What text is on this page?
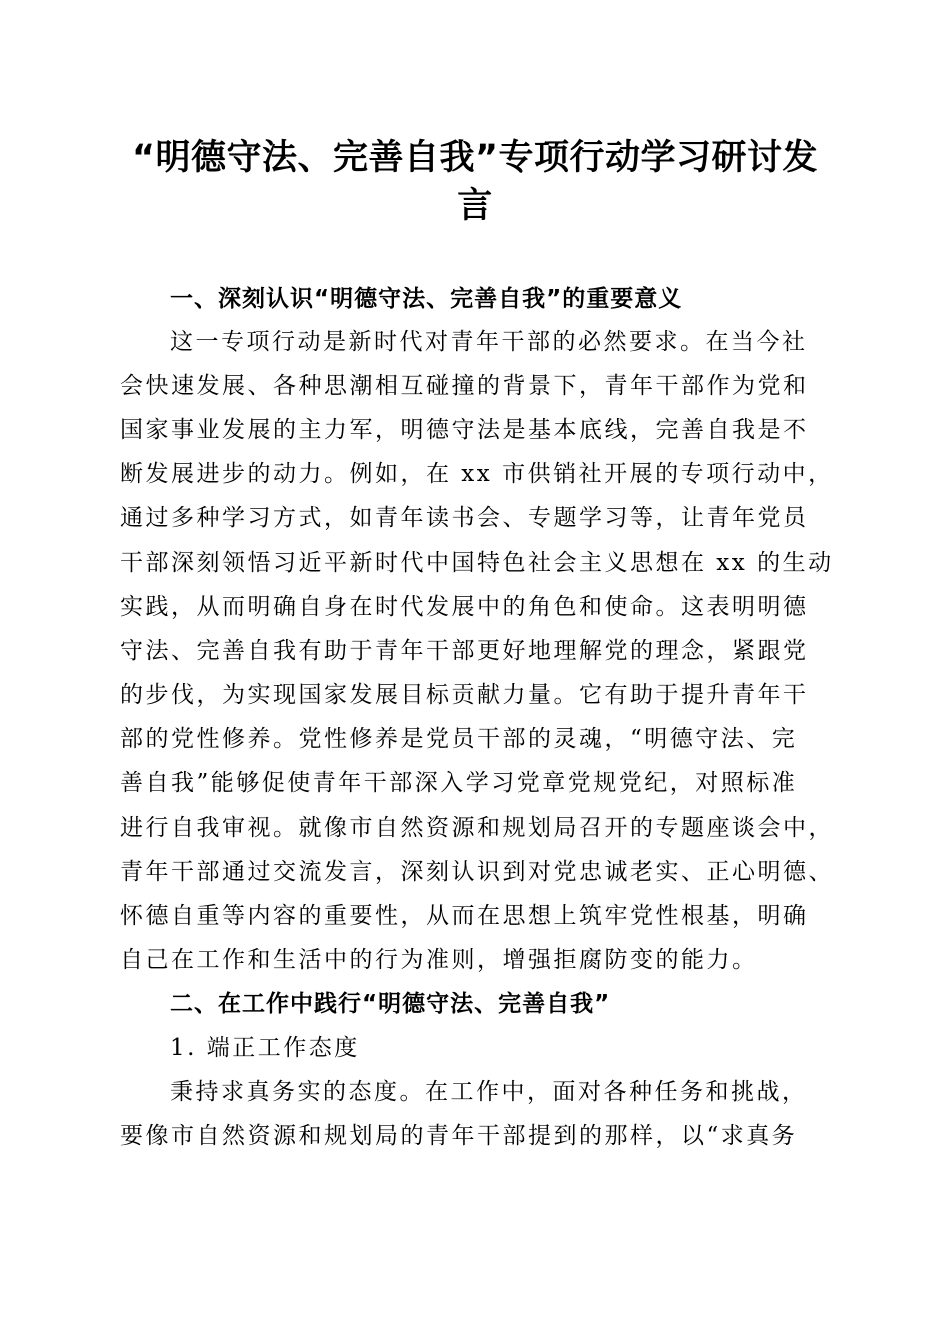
“明德守法、完善自我”专项行动学习研讨发
言

一、深刻认识“明德守法、完善自我”的重要意义

这一专项行动是新时代对青年干部的必然要求。在当今社

会快速发展、各种思潮相互碰撞的背景下，青年干部作为党和

国家事业发展的主力军，明德守法是基本底线，完善自我是不

断发展进步的动力。例如，在 xx 市供销社开展的专项行动中，

通过多种学习方式，如青年读书会、专题学习等，让青年党员

干部深刻领悟习近平新时代中国特色社会主义思想在 xx 的生动

实践，从而明确自身在时代发展中的角色和使命。这表明明德

守法、完善自我有助于青年干部更好地理解党的理念，紧跟党

的步伐，为实现国家发展目标贡献力量。它有助于提升青年干

部的党性修养。党性修养是党员干部的灵魂，“明德守法、完

善自我”能够促使青年干部深入学习党章党规党纪，对照标准

进行自我审视。就像市自然资源和规划局召开的专题座谈会中，

青年干部通过交流发言，深刻认识到对党忠诚老实、正心明德、

怀德自重等内容的重要性，从而在思想上筑牢党性根基，明确

自己在工作和生活中的行为准则，增强拒腐防变的能力。

二、在工作中践行“明德守法、完善自我”

1. 端正工作态度

秉持求真务实的态度。在工作中，面对各种任务和挑战，

要像市自然资源和规划局的青年干部提到的那样，以“求真务
